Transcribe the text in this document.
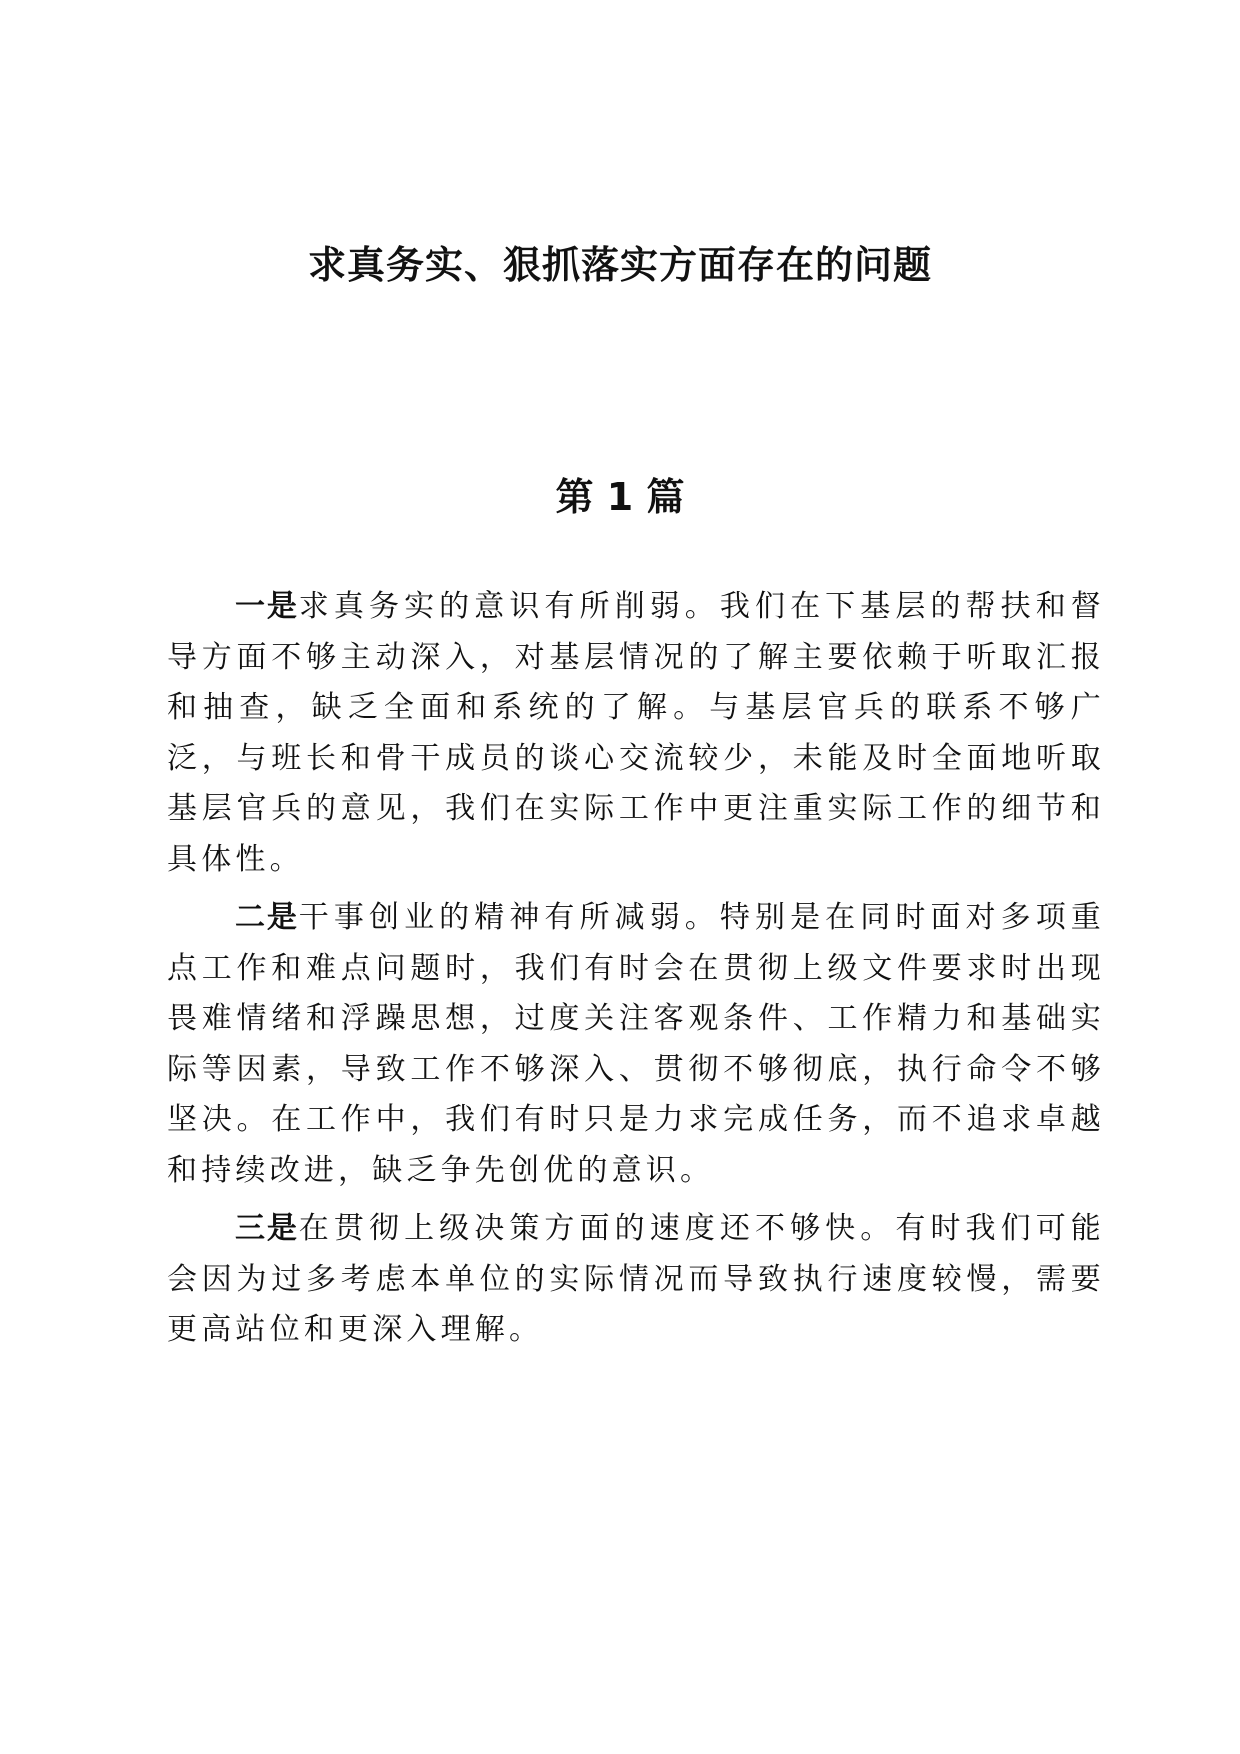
求真务实、狠抓落实方面存在的问题
第 1 篇

一是求真务实的意识有所削弱。我们在下基层的帮扶和督导方面不够主动深入，对基层情况的了解主要依赖于听取汇报和抽查，缺乏全面和系统的了解。与基层官兵的联系不够广泛，与班长和骨干成员的谈心交流较少，未能及时全面地听取基层官兵的意见，我们在实际工作中更注重实际工作的细节和具体性。

二是干事创业的精神有所减弱。特别是在同时面对多项重点工作和难点问题时，我们有时会在贯彻上级文件要求时出现畏难情绪和浮躁思想，过度关注客观条件、工作精力和基础实际等因素，导致工作不够深入、贯彻不够彻底，执行命令不够坚决。在工作中，我们有时只是力求完成任务，而不追求卓越和持续改进，缺乏争先创优的意识。

三是在贯彻上级决策方面的速度还不够快。有时我们可能会因为过多考虑本单位的实际情况而导致执行速度较慢，需要更高站位和更深入理解。
